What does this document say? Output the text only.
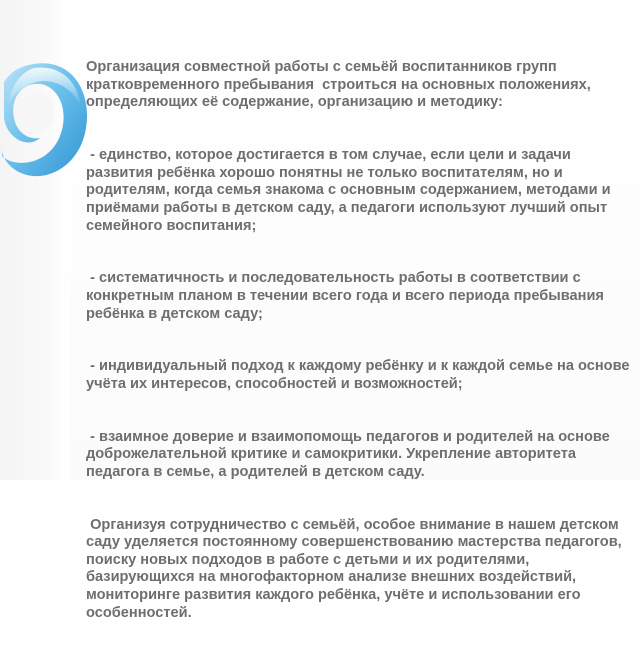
Организация совместной работы с семьёй воспитанников групп кратковременного пребывания  строиться на основных положениях, определяющих её содержание, организацию и методику:

- единство, которое достигается в том случае, если цели и задачи развития ребёнка хорошо понятны не только воспитателям, но и родителям, когда семья знакома с основным содержанием, методами и приёмами работы в детском саду, а педагоги используют лучший опыт семейного воспитания;

- систематичность и последовательность работы в соответствии с конкретным планом в течении всего года и всего периода пребывания ребёнка в детском саду;

- индивидуальный подход к каждому ребёнку и к каждой семье на основе учёта их интересов, способностей и возможностей;

- взаимное доверие и взаимопомощь педагогов и родителей на основе доброжелательной критике и самокритики. Укрепление авторитета педагога в семье, а родителей в детском саду.

Организуя сотрудничество с семьёй, особое внимание в нашем детском саду уделяется постоянному совершенствованию мастерства педагогов, поиску новых подходов в работе с детьми и их родителями, базирующихся на многофакторном анализе внешних воздействий, мониторинге развития каждого ребёнка, учёте и использовании его особенностей.
